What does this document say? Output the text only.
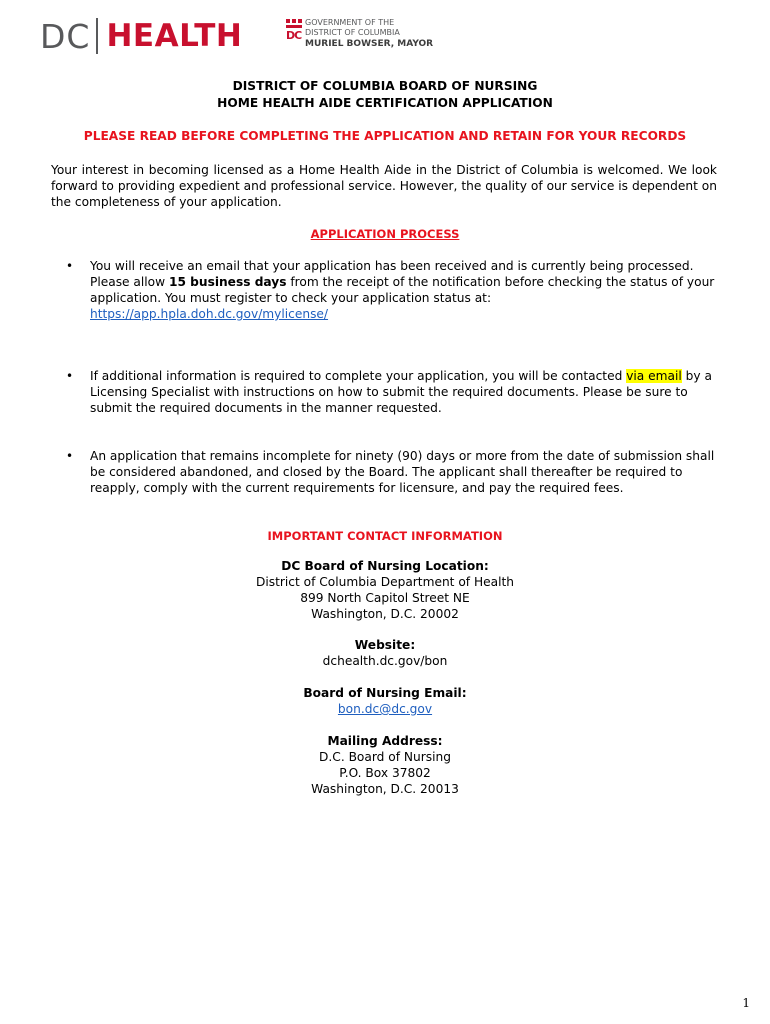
DC HEALTH	DC
GOVERNMENT OF THE
DISTRICT OF COLUMBIA
MURIEL BOWSER, MAYOR
DISTRICT OF COLUMBIA BOARD OF NURSING
HOME HEALTH AIDE CERTIFICATION APPLICATION
PLEASE READ BEFORE COMPLETING THE APPLICATION AND RETAIN FOR YOUR RECORDS
Your interest in becoming licensed as a Home Health Aide in the District of Columbia is welcomed. We look forward to providing expedient and professional service. However, the quality of our service is dependent on the completeness of your application.
APPLICATION PROCESS
• You will receive an email that your application has been received and is currently being processed. Please allow 15 business days from the receipt of the notification before checking the status of your application. You must register to check your application status at:
https://app.hpla.doh.dc.gov/mylicense/
• If additional information is required to complete your application, you will be contacted via email by a Licensing Specialist with instructions on how to submit the required documents. Please be sure to submit the required documents in the manner requested.
• An application that remains incomplete for ninety (90) days or more from the date of submission shall be considered abandoned, and closed by the Board. The applicant shall thereafter be required to reapply, comply with the current requirements for licensure, and pay the required fees.
IMPORTANT CONTACT INFORMATION
DC Board of Nursing Location:
District of Columbia Department of Health
899 North Capitol Street NE
Washington, D.C. 20002
Website:
dchealth.dc.gov/bon
Board of Nursing Email:
bon.dc@dc.gov
Mailing Address:
D.C. Board of Nursing
P.O. Box 37802
Washington, D.C. 20013
1
